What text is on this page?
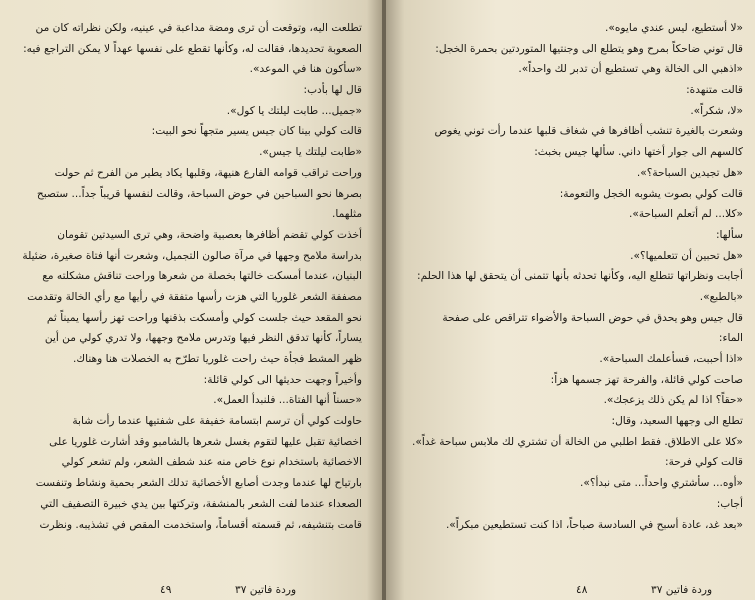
تطلعت اليه، وتوقعت أن ترى ومضة مداعبة في عينيه، ولكن نظراته كان من
الصعوبة تحديدها، فقالت له، وكأنها تقطع على نفسها عهداً لا يمكن التراجع فيه:
«سأكون هنا في الموعد».
قال لها بأدب:
«جميل... طابت ليلتك يا كول».
قالت كولي بينا كان جيس يسير متجهاً نحو البيت:
«طابت ليلتك يا جيس».
وراحت تراقب قوامه الفارع هنيهة، وقلبها يكاد يطير من الفرح ثم حولت
بصرها نحو السباحين في حوض السباحة، وقالت لنفسها قريباً جداً... ستصبح
مثلهما.
أخذت كولي تقضم أظافرها بعصبية واضحة، وهي ترى السيدتين تقومان
بدراسة ملامح وجهها في مرآة صالون التجميل، وشعرت أنها فتاة صغيرة، ضئيلة
البنيان، عندما أمسكت خالتها بخصلة من شعرها وراحت تناقش مشكلته مع
مصففة الشعر غلوريا التي هزت رأسها متفقة في رأيها مع رأي الخالة وتقدمت
نحو المقعد حيث جلست كولي وأمسكت بذقنها وراحت تهز رأسها يميناً ثم
يساراً، كأنها تدقق النظر فيها وتدرس ملامح وجهها، ولا تدري كولي من أين
ظهر المشط فجأة حيث راحت غلوريا تطرّح به الخصلات هنا وهناك.
وأخيراً وجهت حديثها الى كولي قائلة:
«حسناً أنها الفتاة... فلنبدأ العمل».
حاولت كولي أن ترسم ابتسامة خفيفة على شفتيها عندما رأت شابة
اخصائية تقبل عليها لتقوم بغسل شعرها بالشامبو وقد أشارت غلوريا على
الاخصائية باستخدام نوع خاص منه عند شطف الشعر، ولم تشعر كولي
بارتياح لها عندما وجدت أصابع الأخصائية تدلك الشعر بحمية ونشاط وتنفست
الصعداء عندما لفت الشعر بالمنشفة، وتركتها بين يدي خبيرة التصفيف التي
قامت بتنشيفه، ثم قسمته أقساماً، واستخدمت المقص في تشذيبه. ونظرت
٤٩	وردة فاتين ٣٧
«لا أستطيع، ليس عندي مايوه».
قال توني ضاحكاً بمرح وهو يتطلع الى وجنتيها المتوردتين بحمرة الخجل:
«اذهبي الى الخالة وهي تستطيع أن تدبر لك واحداً».
قالت متنهدة:
«لا، شكراً».
وشعرت بالغيرة تنشب أظافرها في شغاف قلبها عندما رأت توني يغوص
كالسهم الى جوار أختها داني. سألها جيس بخبث:
«هل تجيدين السباحة؟».
قالت كولي بصوت يشوبه الخجل والتعومة:
«كلا... لم أتعلم السباحة».
سألها:
«هل تحبين أن تتعلميها؟».
أجابت ونظراتها تتطلع اليه، وكأنها تحدثه بأنها تتمنى أن يتحقق لها هذا الحلم:
«بالطبع».
قال جيس وهو يحدق في حوض السباحة والأضواء تتراقص على صفحة
الماء:
«اذا أحببت، فسأعلمك السباحة».
صاحت كولي قائلة، والفرحة تهز جسمها هزاً:
«حقاً؟ اذا لم يكن ذلك يزعجك».
تطلع الى وجهها السعيد، وقال:
«كلا على الاطلاق. فقط اطلبي من الخالة أن تشتري لك ملابس سباحة غداً».
قالت كولي فرحة:
«أوه... سأشتري واحداً... متى نبدأ؟».
أجاب:
«بعد غد، عادة أسبح في السادسة صباحاً، اذا كنت تستطيعين مبكراً».
٤٨	وردة فاتين ٣٧
